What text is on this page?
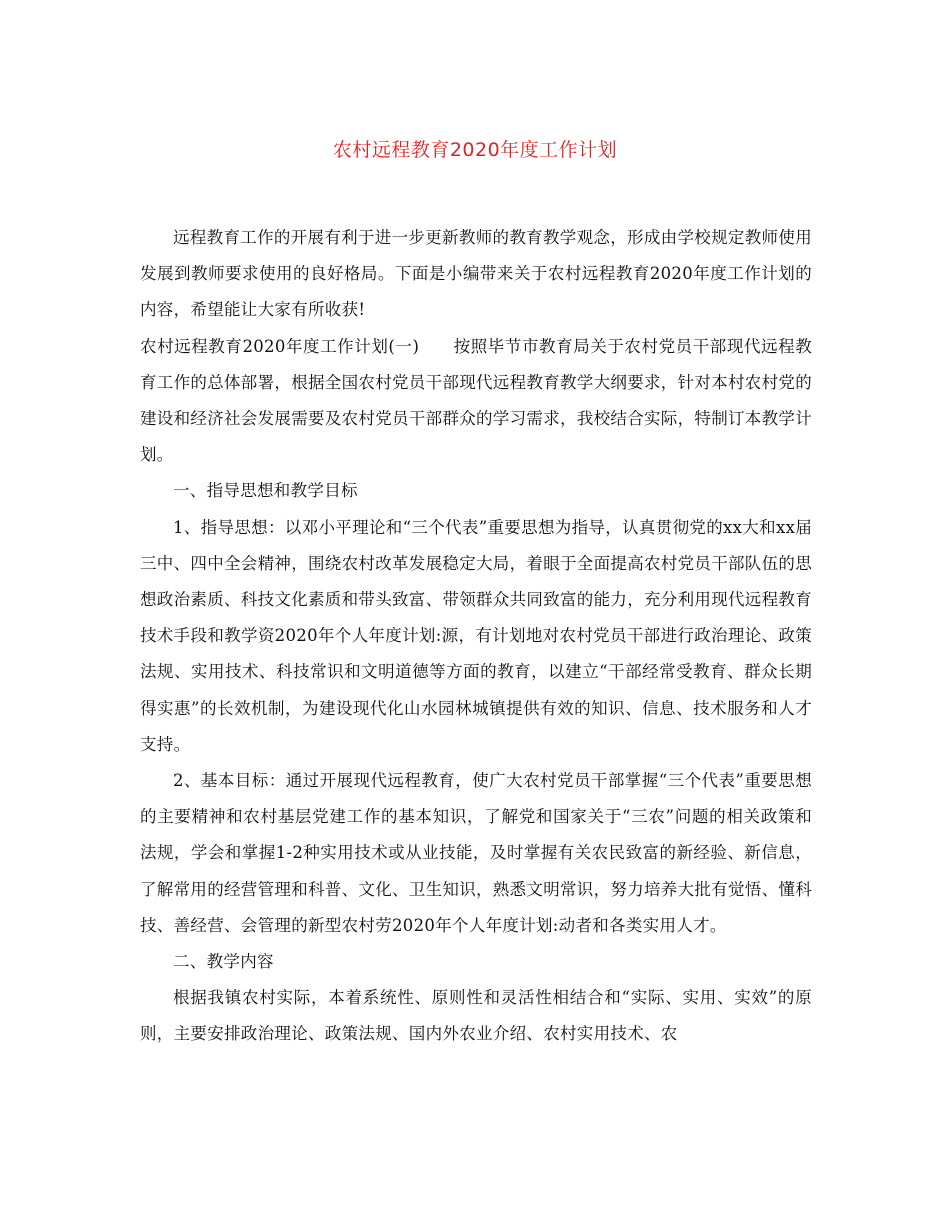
农村远程教育2020年度工作计划

远程教育工作的开展有利于进一步更新教师的教育教学观念，形成由学校规定教师使用发展到教师要求使用的良好格局。下面是小编带来关于农村远程教育2020年度工作计划的内容，希望能让大家有所收获!

农村远程教育2020年度工作计划(一)　　按照毕节市教育局关于农村党员干部现代远程教育工作的总体部署，根据全国农村党员干部现代远程教育教学大纲要求，针对本村农村党的建设和经济社会发展需要及农村党员干部群众的学习需求，我校结合实际，特制订本教学计划。

一、指导思想和教学目标

1、指导思想：以邓小平理论和“三个代表”重要思想为指导，认真贯彻党的xx大和xx届三中、四中全会精神，围绕农村改革发展稳定大局，着眼于全面提高农村党员干部队伍的思想政治素质、科技文化素质和带头致富、带领群众共同致富的能力，充分利用现代远程教育技术手段和教学资2020年个人年度计划:源，有计划地对农村党员干部进行政治理论、政策法规、实用技术、科技常识和文明道德等方面的教育，以建立“干部经常受教育、群众长期得实惠”的长效机制，为建设现代化山水园林城镇提供有效的知识、信息、技术服务和人才支持。

2、基本目标：通过开展现代远程教育，使广大农村党员干部掌握“三个代表”重要思想的主要精神和农村基层党建工作的基本知识，了解党和国家关于“三农”问题的相关政策和法规，学会和掌握1-2种实用技术或从业技能，及时掌握有关农民致富的新经验、新信息，了解常用的经营管理和科普、文化、卫生知识，熟悉文明常识，努力培养大批有觉悟、懂科技、善经营、会管理的新型农村劳2020年个人年度计划:动者和各类实用人才。

二、教学内容

根据我镇农村实际，本着系统性、原则性和灵活性相结合和“实际、实用、实效”的原则，主要安排政治理论、政策法规、国内外农业介绍、农村实用技术、农
